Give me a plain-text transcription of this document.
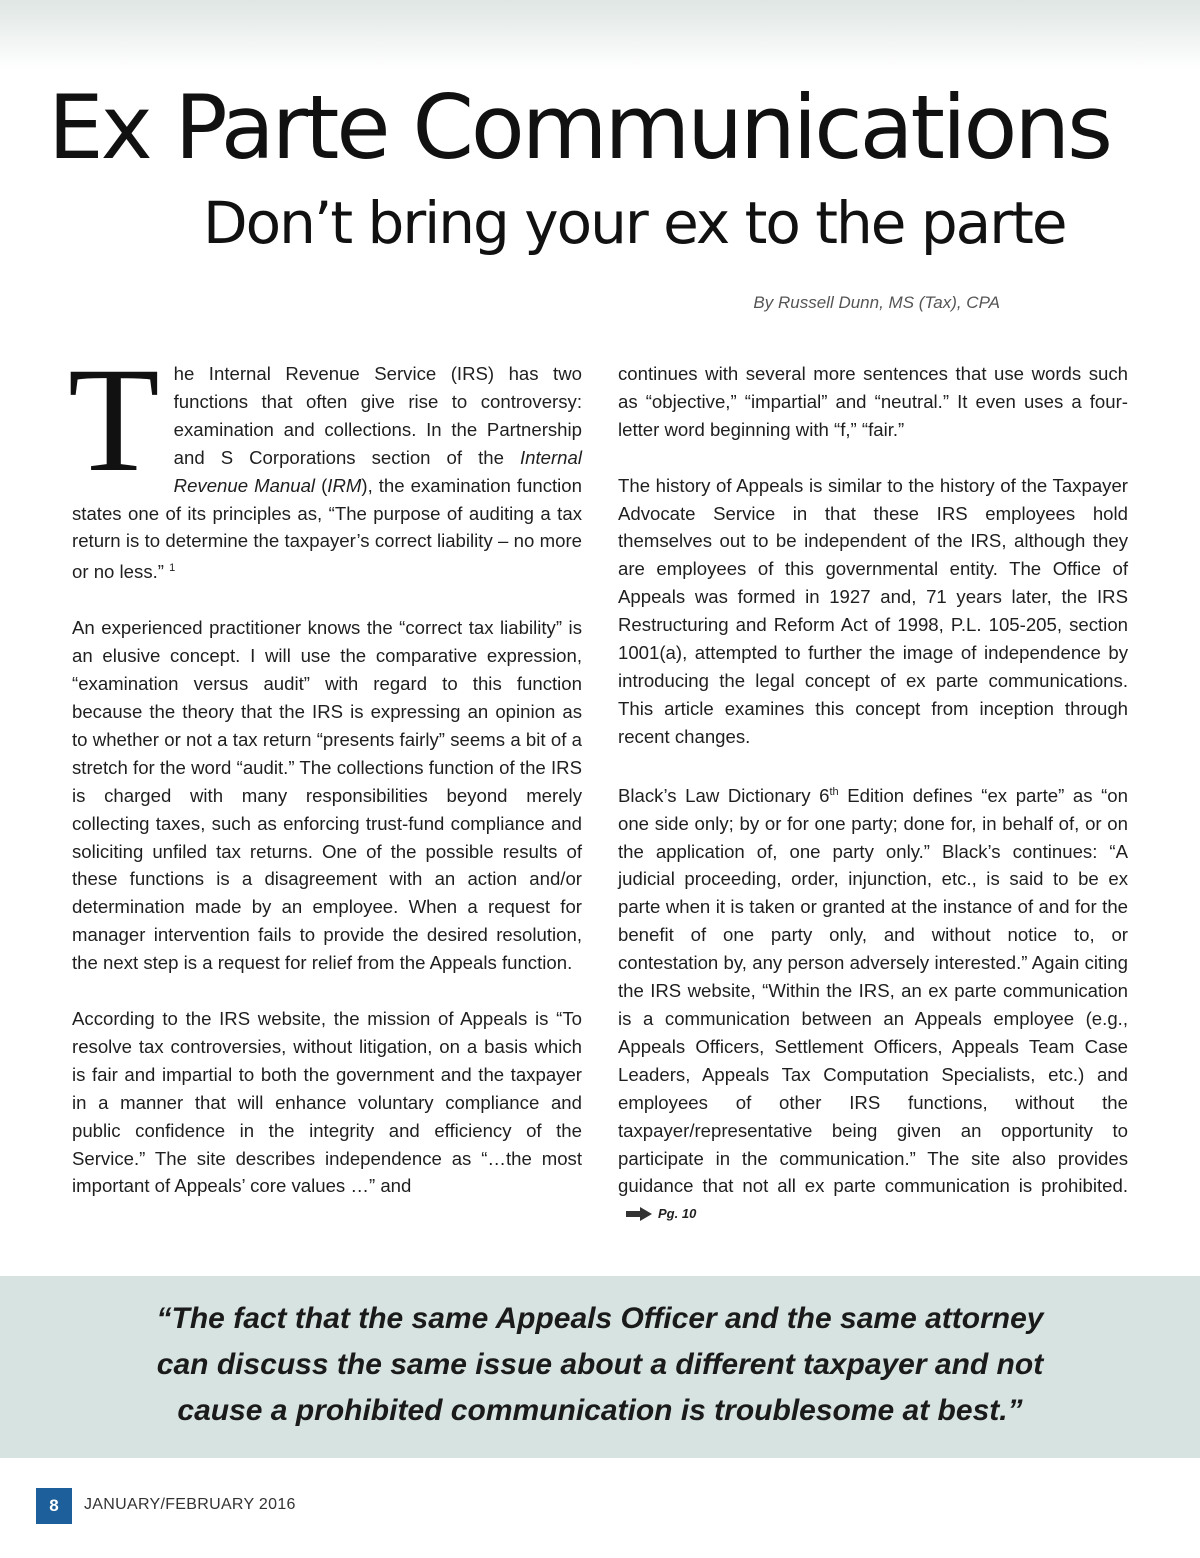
Ex Parte Communications
Don’t bring your ex to the parte
By Russell Dunn, MS (Tax), CPA

The Internal Revenue Service (IRS) has two functions that often give rise to controversy: examination and collections. In the Partnership and S Corporations section of the Internal Revenue Manual (IRM), the examination function states one of its principles as, “The purpose of auditing a tax return is to determine the taxpayer’s correct liability – no more or no less.” $^1$

An experienced practitioner knows the “correct tax liability” is an elusive concept. I will use the comparative expression, “examination versus audit” with regard to this function because the theory that the IRS is expressing an opinion as to whether or not a tax return “presents fairly” seems a bit of a stretch for the word “audit.” The collections function of the IRS is charged with many responsibilities beyond merely collecting taxes, such as enforcing trust-fund compliance and soliciting unfiled tax returns. One of the possible results of these functions is a disagreement with an action and/or determination made by an employee. When a request for manager intervention fails to provide the desired resolution, the next step is a request for relief from the Appeals function.

According to the IRS website, the mission of Appeals is “To resolve tax controversies, without litigation, on a basis which is fair and impartial to both the government and the taxpayer in a manner that will enhance voluntary compliance and public confidence in the integrity and efficiency of the Service.” The site describes independence as “…the most important of Appeals’ core values …” and

continues with several more sentences that use words such as “objective,” “impartial” and “neutral.” It even uses a four-letter word beginning with “f,” “fair.”

The history of Appeals is similar to the history of the Taxpayer Advocate Service in that these IRS employees hold themselves out to be independent of the IRS, although they are employees of this governmental entity. The Office of Appeals was formed in 1927 and, 71 years later, the IRS Restructuring and Reform Act of 1998, P.L. 105-205, section 1001(a), attempted to further the image of independence by introducing the legal concept of ex parte communications. This article examines this concept from inception through recent changes.

Black’s Law Dictionary 6th Edition defines “ex parte” as “on one side only; by or for one party; done for, in behalf of, or on the application of, one party only.” Black’s continues: “A judicial proceeding, order, injunction, etc., is said to be ex parte when it is taken or granted at the instance of and for the benefit of one party only, and without notice to, or contestation by, any person adversely interested.” Again citing the IRS website, “Within the IRS, an ex parte communication is a communication between an Appeals employee (e.g., Appeals Officers, Settlement Officers, Appeals Team Case Leaders, Appeals Tax Computation Specialists, etc.) and employees of other IRS functions, without the taxpayer/representative being given an opportunity to participate in the communication.” The site also provides guidance that not all ex parte communication is prohibited.
Pg. 10

“The fact that the same Appeals Officer and the same attorney can discuss the same issue about a different taxpayer and not cause a prohibited communication is troublesome at best.”

8	JANUARY/FEBRUARY 2016
